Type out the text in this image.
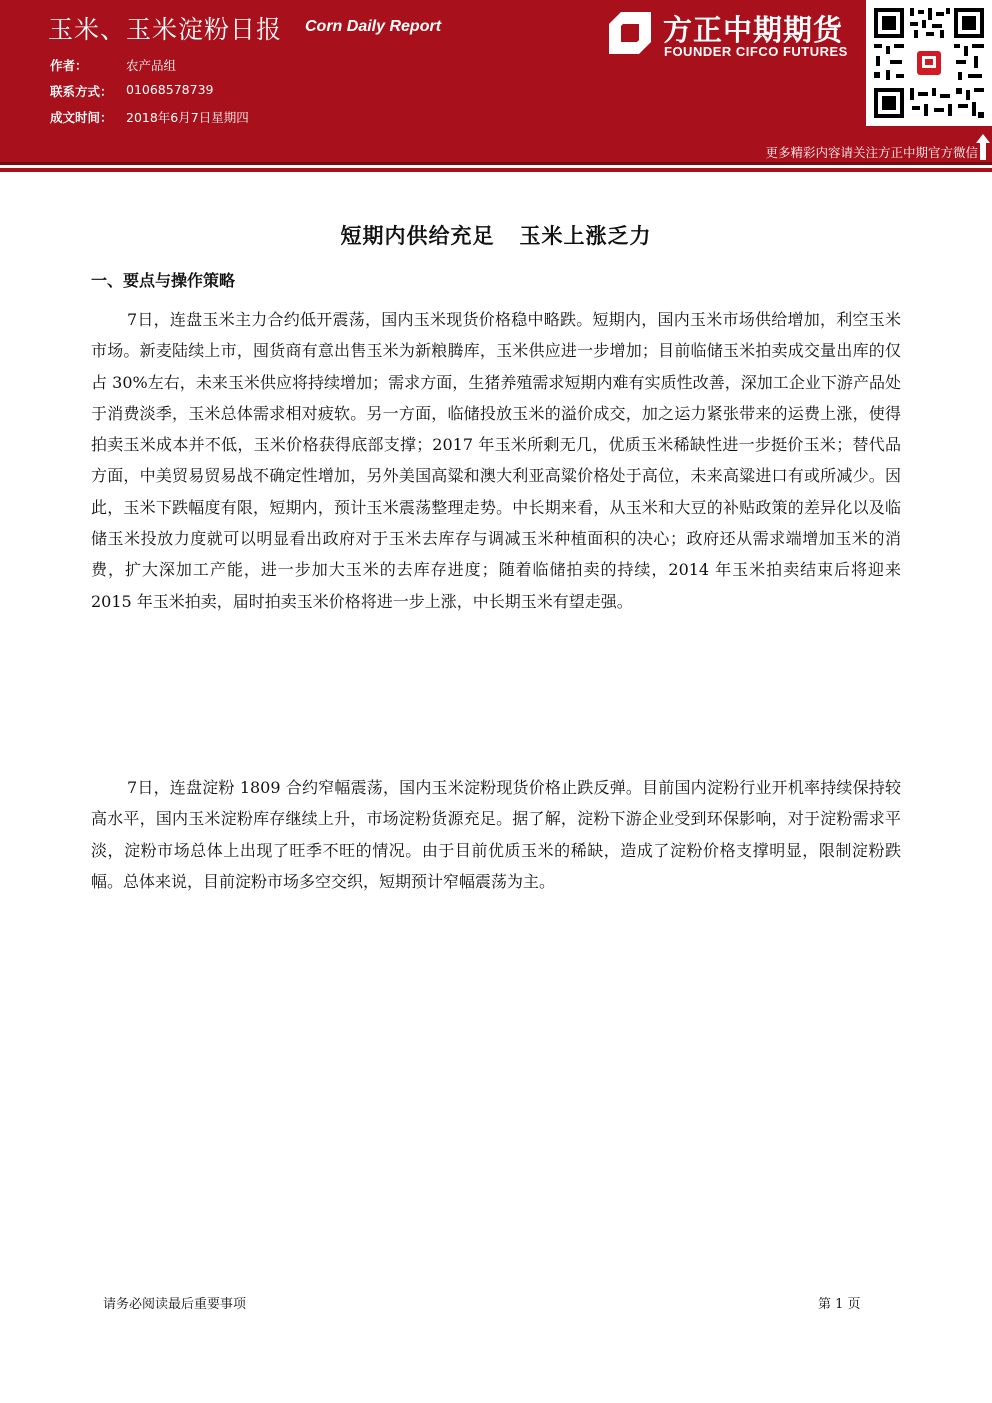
玉米、玉米淀粉日报 Corn Daily Report
作者：	农产品组
联系方式： 01068578739
成文时间： 2018年6月7日星期四
方正中期期货
FOUNDER CIFCO FUTURES
更多精彩内容请关注方正中期官方微信
短期内供给充足   玉米上涨乏力
一、要点与操作策略

7日，连盘玉米主力合约低开震荡，国内玉米现货价格稳中略跌。短期内，国内玉米市场供给增加，利空玉米市场。新麦陆续上市，囤货商有意出售玉米为新粮腾库，玉米供应进一步增加；目前临储玉米拍卖成交量出库的仅占 30%左右，未来玉米供应将持续增加；需求方面，生猪养殖需求短期内难有实质性改善，深加工企业下游产品处于消费淡季，玉米总体需求相对疲软。另一方面，临储投放玉米的溢价成交，加之运力紧张带来的运费上涨，使得拍卖玉米成本并不低，玉米价格获得底部支撑；2017 年玉米所剩无几，优质玉米稀缺性进一步挺价玉米；替代品方面，中美贸易贸易战不确定性增加，另外美国高粱和澳大利亚高粱价格处于高位，未来高粱进口有或所减少。因此，玉米下跌幅度有限，短期内，预计玉米震荡整理走势。中长期来看，从玉米和大豆的补贴政策的差异化以及临储玉米投放力度就可以明显看出政府对于玉米去库存与调减玉米种植面积的决心；政府还从需求端增加玉米的消费，扩大深加工产能，进一步加大玉米的去库存进度；随着临储拍卖的持续，2014 年玉米拍卖结束后将迎来 2015 年玉米拍卖，届时拍卖玉米价格将进一步上涨，中长期玉米有望走强。

7日，连盘淀粉 1809 合约窄幅震荡，国内玉米淀粉现货价格止跌反弹。目前国内淀粉行业开机率持续保持较高水平，国内玉米淀粉库存继续上升，市场淀粉货源充足。据了解，淀粉下游企业受到环保影响，对于淀粉需求平淡，淀粉市场总体上出现了旺季不旺的情况。由于目前优质玉米的稀缺，造成了淀粉价格支撑明显，限制淀粉跌幅。总体来说，目前淀粉市场多空交织，短期预计窄幅震荡为主。

请务必阅读最后重要事项	第 1 页
